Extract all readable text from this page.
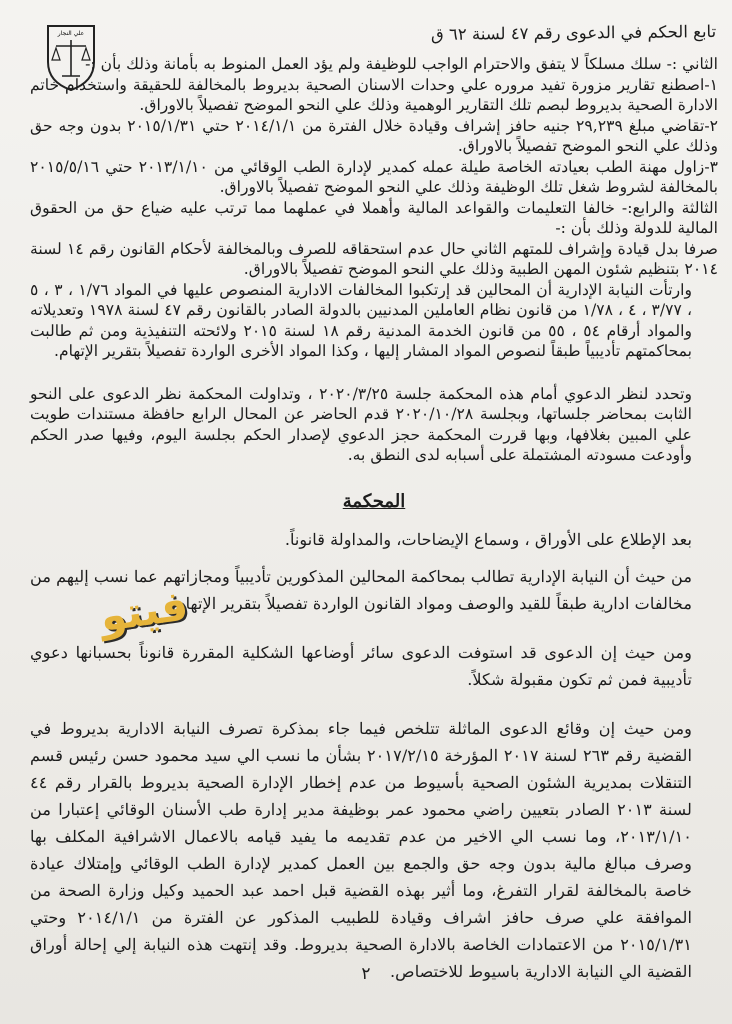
علي النجار	تابع الحكم في الدعوى رقم ٤٧ لسنة ٦٢ ق

الثاني :- سلك مسلكاً لا يتفق والاحترام الواجب للوظيفة ولم يؤد العمل المنوط به بأمانة وذلك بأن :-

١-اصطنع تقارير مزورة تفيد مروره علي وحدات الاسنان الصحية بديروط بالمخالفة للحقيقة واستخدام خاتم الادارة الصحية بديروط لبصم تلك التقارير الوهمية وذلك علي النحو الموضح تفصيلاً بالاوراق.

٢-تقاضي مبلغ ٢٩,٢٣٩ جنيه حافز إشراف وقيادة خلال الفترة من ٢٠١٤/١/١ حتي ٢٠١٥/١/٣١ بدون وجه حق وذلك علي النحو الموضح تفصيلاً بالاوراق.

٣-زاول مهنة الطب بعيادته الخاصة طيلة عمله كمدير لإدارة الطب الوقائي من ٢٠١٣/١/١٠ حتي ٢٠١٥/٥/١٦ بالمخالفة لشروط شغل تلك الوظيفة وذلك علي النحو الموضح تفصيلاً بالاوراق.

الثالثة والرابع:- خالفا التعليمات والقواعد المالية وأهملا في عملهما مما ترتب عليه ضياع حق من الحقوق المالية للدولة وذلك بأن :-

صرفا بدل قيادة وإشراف للمتهم الثاني حال عدم استحقاقه للصرف وبالمخالفة لأحكام القانون رقم ١٤ لسنة ٢٠١٤ بتنظيم شئون المهن الطبية وذلك علي النحو الموضح تفصيلاً بالاوراق.

وارتأت النيابة الإدارية أن المحالين قد إرتكبوا المخالفات الادارية المنصوص عليها في المواد ١/٧٦ ، ٣ ، ٥ ، ٣/٧٧ ، ٤ ، ١/٧٨ من قانون نظام العاملين المدنيين بالدولة الصادر بالقانون رقم ٤٧ لسنة ١٩٧٨ وتعديلاته والمواد أرقام ٥٤ ، ٥٥ من قانون الخدمة المدنية رقم ١٨ لسنة ٢٠١٥ ولائحته التنفيذية ومن ثم طالبت بمحاكمتهم تأديبياً طبقاً لنصوص المواد المشار إليها ، وكذا المواد الأخرى الواردة تفصيلاً بتقرير الإتهام.

وتحدد لنظر الدعوي أمام هذه المحكمة جلسة ٢٠٢٠/٣/٢٥ ، وتداولت المحكمة نظر الدعوى على النحو الثابت بمحاضر جلساتها، وبجلسة ٢٠٢٠/١٠/٢٨ قدم الحاضر عن المحال الرابع حافظة مستندات طويت علي المبين بغلافها، وبها قررت المحكمة حجز الدعوي لإصدار الحكم بجلسة اليوم، وفيها صدر الحكم وأودعت مسودته المشتملة على أسبابه لدى النطق به.

المحكمة

بعد الإطلاع على الأوراق ، وسماع الإيضاحات، والمداولة قانوناً.

من حيث أن النيابة الإدارية تطالب بمحاكمة المحالين المذكورين تأديبياً ومجازاتهم عما نسب إليهم من مخالفات ادارية طبقاً للقيد والوصف ومواد القانون الواردة تفصيلاً بتقرير الإتهام.

ومن حيث إن الدعوى قد استوفت الدعوى سائر أوضاعها الشكلية المقررة قانوناً بحسبانها دعوي تأديبية فمن ثم تكون مقبولة شكلاً.

ومن حيث إن وقائع الدعوى الماثلة تتلخص فيما جاء بمذكرة تصرف النيابة الادارية بديروط في القضية رقم ٢٦٣ لسنة ٢٠١٧ المؤرخة ٢٠١٧/٢/١٥ بشأن ما نسب الي سيد محمود حسن رئيس قسم التنقلات بمديرية الشئون الصحية بأسيوط من عدم إخطار الإدارة الصحية بديروط بالقرار رقم ٤٤ لسنة ٢٠١٣ الصادر بتعيين راضي محمود عمر بوظيفة مدير إدارة طب الأسنان الوقائي إعتبارا من ٢٠١٣/١/١٠، وما نسب الي الاخير من عدم تقديمه ما يفيد قيامه بالاعمال الاشرافية المكلف بها وصرف مبالغ مالية بدون وجه حق والجمع بين العمل كمدير لإدارة الطب الوقائي وإمتلاك عيادة خاصة بالمخالفة لقرار التفرغ، وما أثير بهذه القضية قبل احمد عبد الحميد وكيل وزارة الصحة من الموافقة علي صرف حافز اشراف وقيادة للطبيب المذكور عن الفترة من ٢٠١٤/١/١ وحتي ٢٠١٥/١/٣١ من الاعتمادات الخاصة بالادارة الصحية بديروط. وقد إنتهت هذه النيابة إلي إحالة أوراق القضية الي النيابة الادارية باسيوط للاختصاص.

فيتو
٢
